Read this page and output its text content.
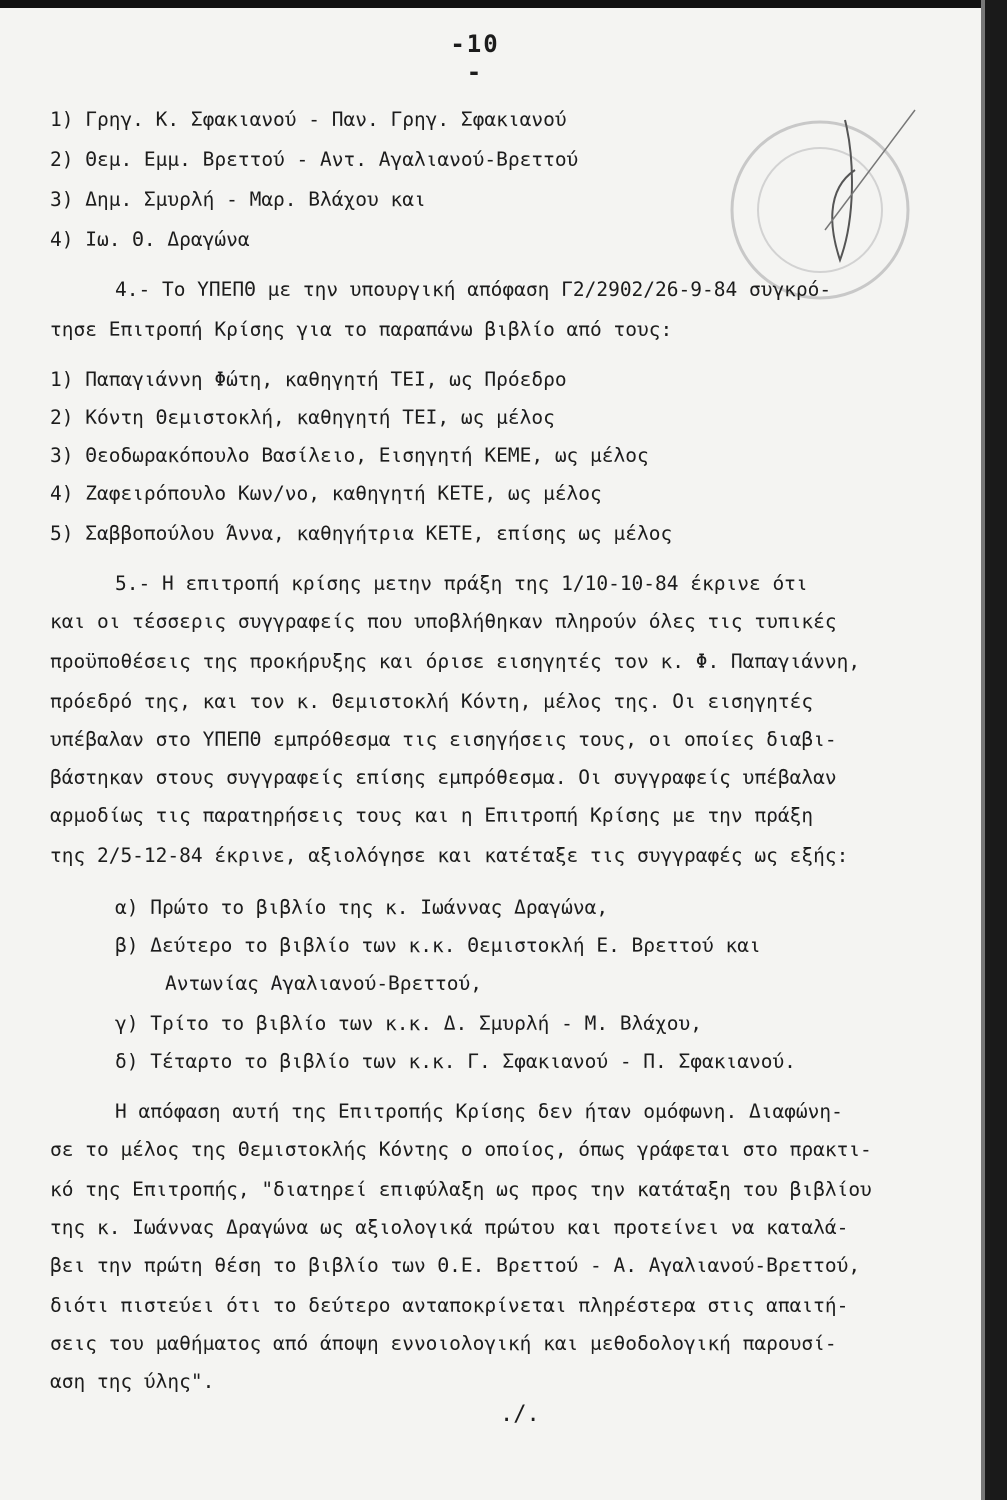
-10 -
1) Γρηγ. Κ. Σφακιανού - Παν. Γρηγ. Σφακιανού
2) Θεμ. Εμμ. Βρεττού - Αντ. Αγαλιανού-Βρεττού
3) Δημ. Σμυρλή - Μαρ. Βλάχου και
4) Ιω. Θ. Δραγώνα
4.- Το ΥΠΕΠΘ με την υπουργική απόφαση Γ2/2902/26-9-84 συγκρό-
τησε Επιτροπή Κρίσης για το παραπάνω βιβλίο από τους:
1) Παπαγιάννη Φώτη, καθηγητή ΤΕΙ, ως Πρόεδρο
2) Κόντη Θεμιστοκλή, καθηγητή ΤΕΙ, ως μέλος
3) Θεοδωρακόπουλο Βασίλειο, Εισηγητή ΚΕΜΕ, ως μέλος
4) Ζαφειρόπουλο Κων/νο, καθηγητή ΚΕΤΕ, ως μέλος
5) Σαββοπούλου Άννα, καθηγήτρια ΚΕΤΕ, επίσης ως μέλος
5.- Η επιτροπή κρίσης μετην πράξη της 1/10-10-84 έκρινε ότι
και οι τέσσερις συγγραφείς που υποβλήθηκαν πληρούν όλες τις τυπικές
προϋποθέσεις της προκήρυξης και όρισε εισηγητές τον κ. Φ. Παπαγιάννη,
πρόεδρό της, και τον κ. Θεμιστοκλή Κόντη, μέλος της. Οι εισηγητές
υπέβαλαν στο ΥΠΕΠΘ εμπρόθεσμα τις εισηγήσεις τους, οι οποίες διαβι-
βάστηκαν στους συγγραφείς επίσης εμπρόθεσμα. Οι συγγραφείς υπέβαλαν
αρμοδίως τις παρατηρήσεις τους και η Επιτροπή Κρίσης με την πράξη
της 2/5-12-84 έκρινε, αξιολόγησε και κατέταξε τις συγγραφές ως εξής:
α) Πρώτο το βιβλίο της κ. Ιωάννας Δραγώνα,
β) Δεύτερο το βιβλίο των κ.κ. Θεμιστοκλή Ε. Βρεττού και
Αντωνίας Αγαλιανού-Βρεττού,
γ) Τρίτο το βιβλίο των κ.κ. Δ. Σμυρλή - Μ. Βλάχου,
δ) Τέταρτο το βιβλίο των κ.κ. Γ. Σφακιανού - Π. Σφακιανού.
Η απόφαση αυτή της Επιτροπής Κρίσης δεν ήταν ομόφωνη. Διαφώνη-
σε το μέλος της Θεμιστοκλής Κόντης ο οποίος, όπως γράφεται στο πρακτι-
κό της Επιτροπής, "διατηρεί επιφύλαξη ως προς την κατάταξη του βιβλίου
της κ. Ιωάννας Δραγώνα ως αξιολογικά πρώτου και προτείνει να καταλά-
βει την πρώτη θέση το βιβλίο των Θ.Ε. Βρεττού - Α. Αγαλιανού-Βρεττού,
διότι πιστεύει ότι το δεύτερο ανταποκρίνεται πληρέστερα στις απαιτή-
σεις του μαθήματος από άποψη εννοιολογική και μεθοδολογική παρουσί-
αση της ύλης".
./.
